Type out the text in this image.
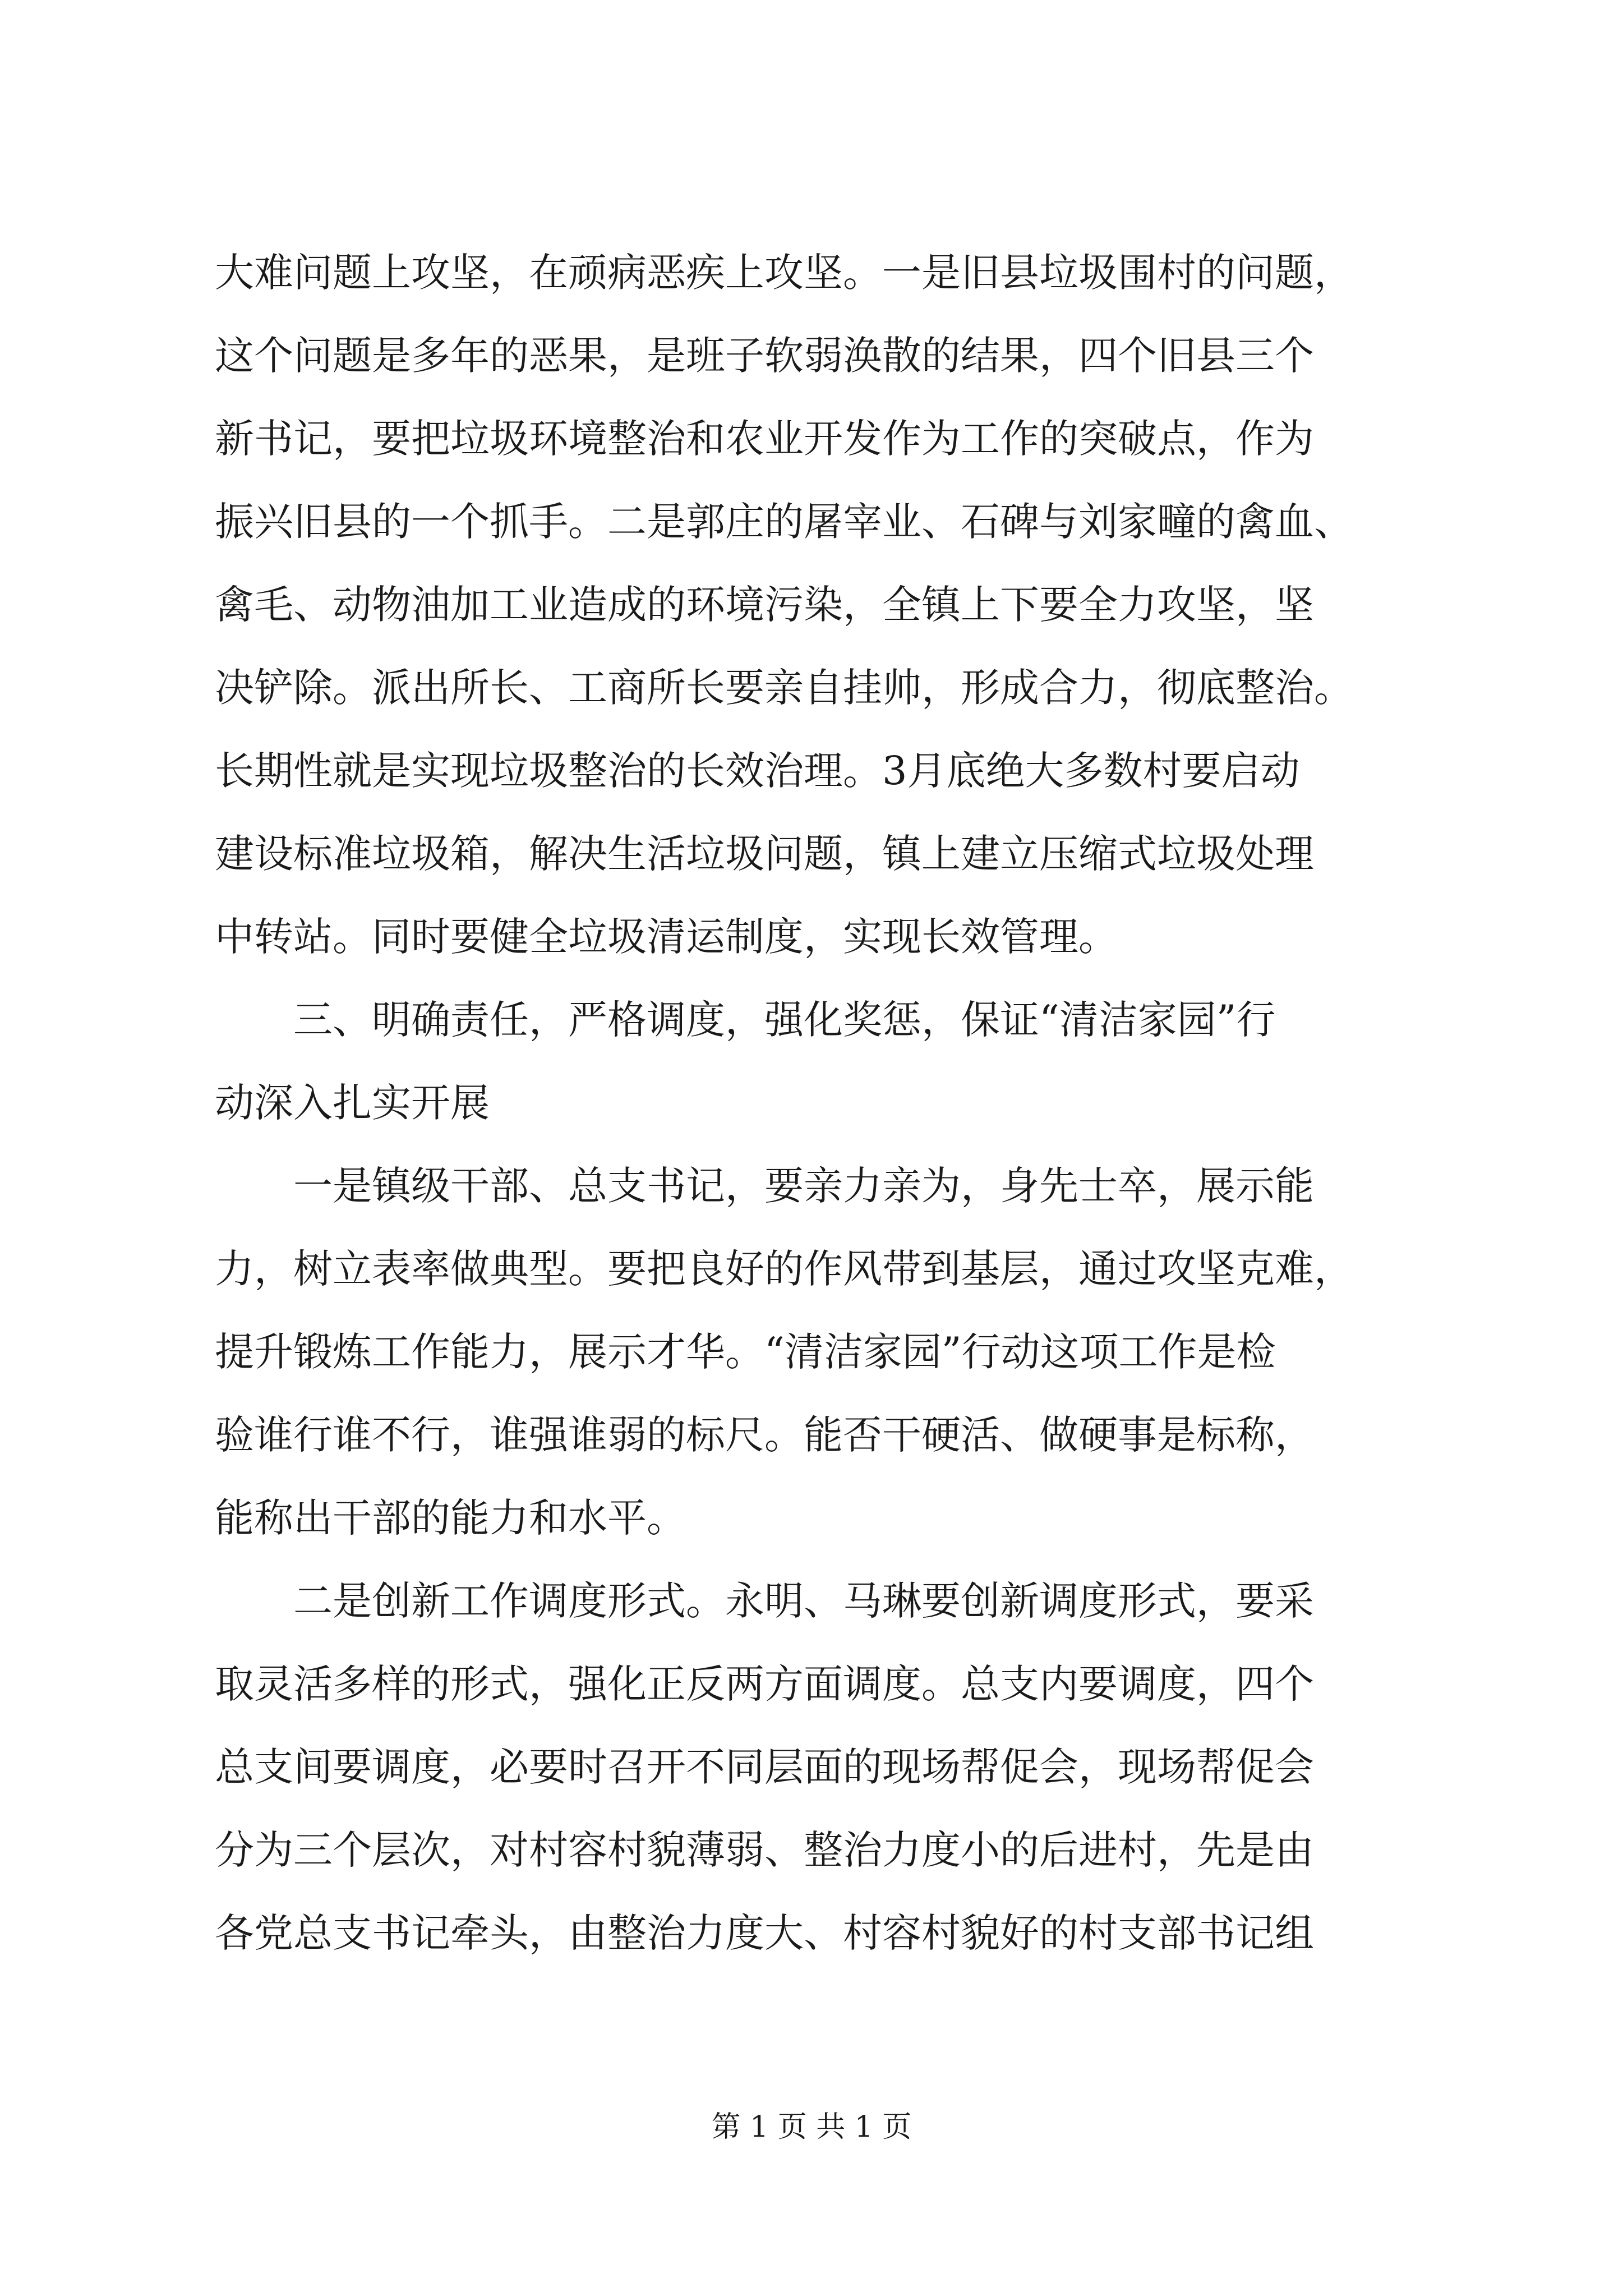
大难问题上攻坚，在顽病恶疾上攻坚。一是旧县垃圾围村的问题，
这个问题是多年的恶果，是班子软弱涣散的结果，四个旧县三个
新书记，要把垃圾环境整治和农业开发作为工作的突破点，作为
振兴旧县的一个抓手。二是郭庄的屠宰业、石碑与刘家疃的禽血、
禽毛、动物油加工业造成的环境污染，全镇上下要全力攻坚，坚
决铲除。派出所长、工商所长要亲自挂帅，形成合力，彻底整治。
长期性就是实现垃圾整治的长效治理。3月底绝大多数村要启动
建设标准垃圾箱，解决生活垃圾问题，镇上建立压缩式垃圾处理
中转站。同时要健全垃圾清运制度，实现长效管理。
三、明确责任，严格调度，强化奖惩，保证“清洁家园”行
动深入扎实开展
一是镇级干部、总支书记，要亲力亲为，身先士卒，展示能
力，树立表率做典型。要把良好的作风带到基层，通过攻坚克难，
提升锻炼工作能力，展示才华。“清洁家园”行动这项工作是检
验谁行谁不行，谁强谁弱的标尺。能否干硬活、做硬事是标称，
能称出干部的能力和水平。
二是创新工作调度形式。永明、马琳要创新调度形式，要采
取灵活多样的形式，强化正反两方面调度。总支内要调度，四个
总支间要调度，必要时召开不同层面的现场帮促会，现场帮促会
分为三个层次，对村容村貌薄弱、整治力度小的后进村，先是由
各党总支书记牵头，由整治力度大、村容村貌好的村支部书记组
第 1 页 共 1 页
